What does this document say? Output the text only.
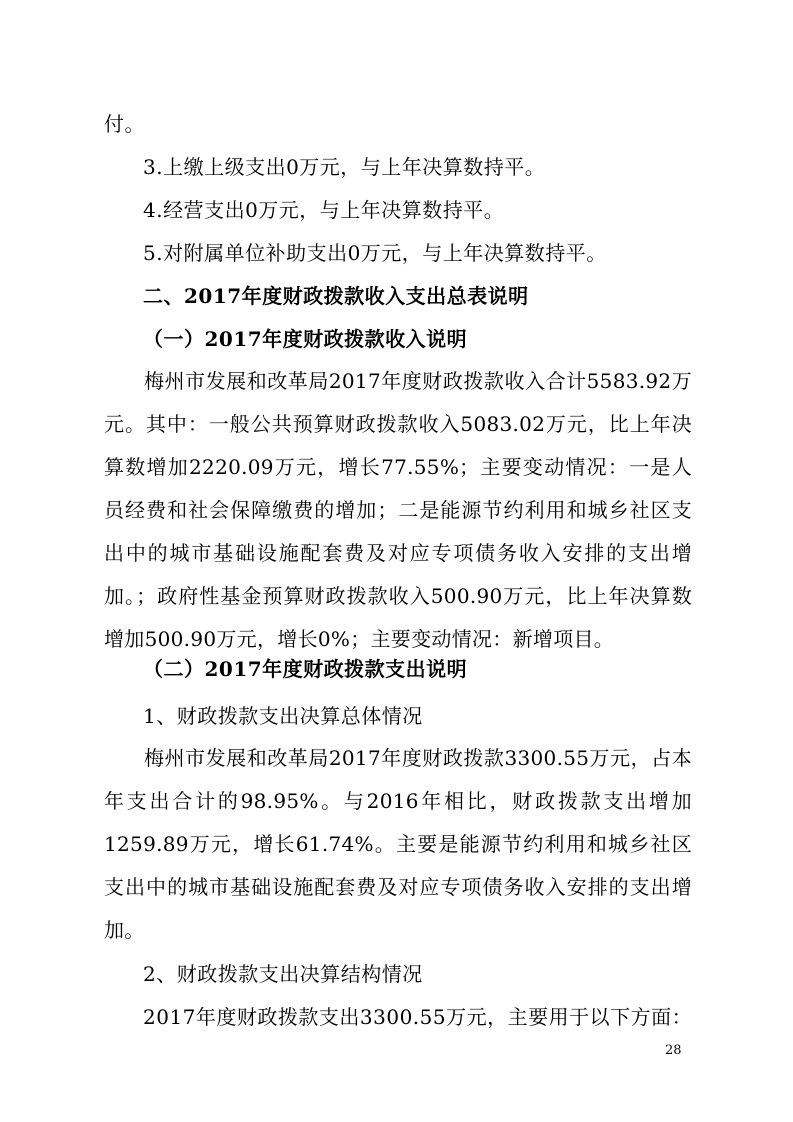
付。
3.上缴上级支出0万元，与上年决算数持平。
4.经营支出0万元，与上年决算数持平。
5.对附属单位补助支出0万元，与上年决算数持平。
二、2017年度财政拨款收入支出总表说明
（一）2017年度财政拨款收入说明
梅州市发展和改革局2017年度财政拨款收入合计5583.92万元。其中：一般公共预算财政拨款收入5083.02万元，比上年决算数增加2220.09万元，增长77.55%；主要变动情况：一是人员经费和社会保障缴费的增加；二是能源节约利用和城乡社区支出中的城市基础设施配套费及对应专项债务收入安排的支出增加。；政府性基金预算财政拨款收入500.90万元，比上年决算数增加500.90万元，增长0%；主要变动情况：新增项目。
（二）2017年度财政拨款支出说明
1、财政拨款支出决算总体情况
梅州市发展和改革局2017年度财政拨款3300.55万元，占本年支出合计的98.95%。与2016年相比，财政拨款支出增加1259.89万元，增长61.74%。主要是能源节约利用和城乡社区支出中的城市基础设施配套费及对应专项债务收入安排的支出增加。
2、财政拨款支出决算结构情况
2017年度财政拨款支出3300.55万元，主要用于以下方面：
28
